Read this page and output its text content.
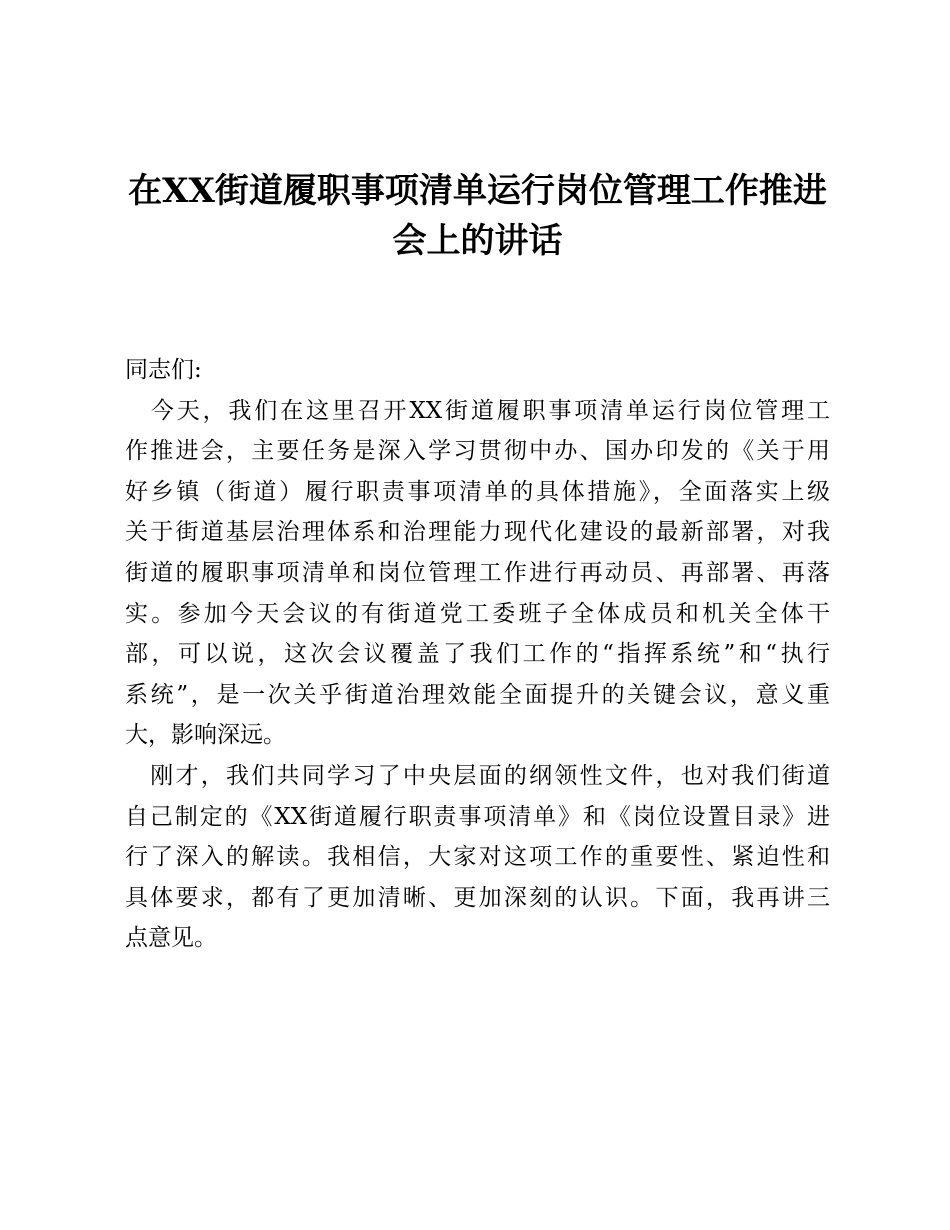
在XX街道履职事项清单运行岗位管理工作推进
会上的讲话
同志们:

　今天，我们在这里召开XX街道履职事项清单运行岗位管理工
作推进会，主要任务是深入学习贯彻中办、国办印发的《关于用
好乡镇（街道）履行职责事项清单的具体措施》，全面落实上级
关于街道基层治理体系和治理能力现代化建设的最新部署，对我
街道的履职事项清单和岗位管理工作进行再动员、再部署、再落
实。参加今天会议的有街道党工委班子全体成员和机关全体干
部，可以说，这次会议覆盖了我们工作的“指挥系统”和“执行
系统”，是一次关乎街道治理效能全面提升的关键会议，意义重
大，影响深远。

　刚才，我们共同学习了中央层面的纲领性文件，也对我们街道
自己制定的《XX街道履行职责事项清单》和《岗位设置目录》进
行了深入的解读。我相信，大家对这项工作的重要性、紧迫性和
具体要求，都有了更加清晰、更加深刻的认识。下面，我再讲三
点意见。
